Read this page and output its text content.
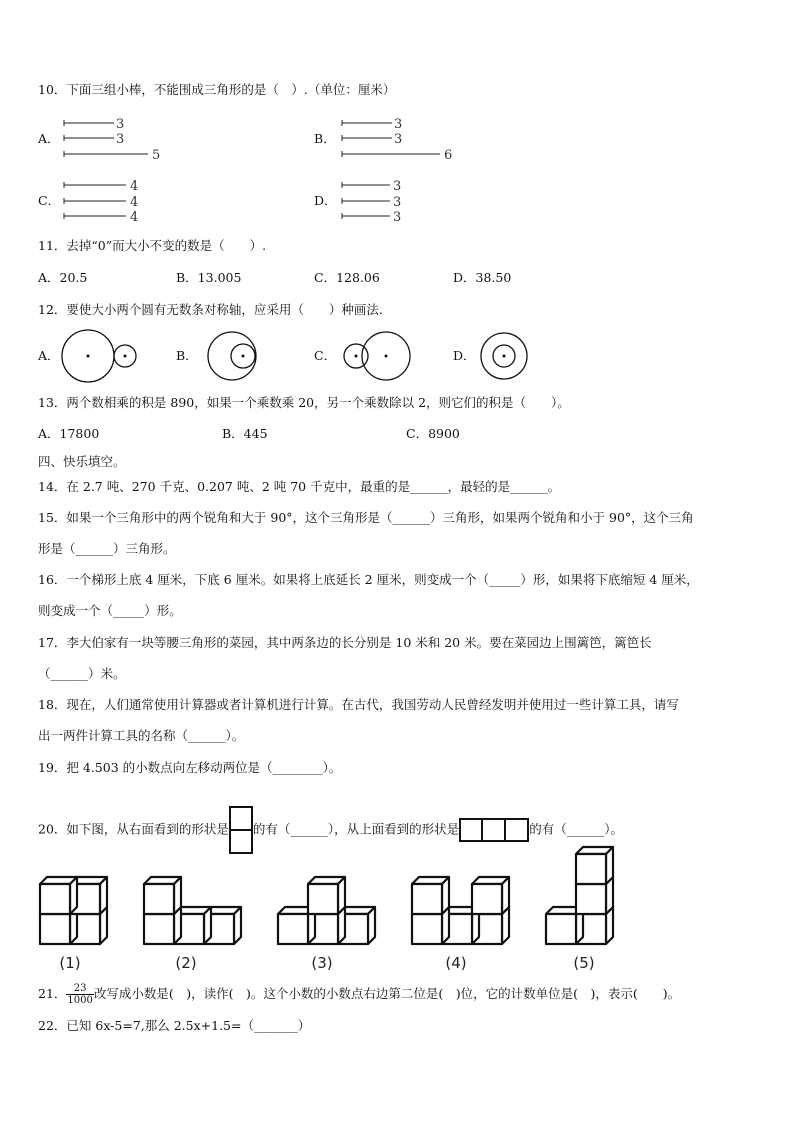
10．下面三组小棒，不能围成三角形的是（　）.（单位：厘米）
A．
3
3
5
B．
3
3
6
C．
4
4
4
D．
3
3
3
11．去掉“0”而大小不变的数是（　　）.
A．20.5	B．13.005	C．128.06	D．38.50
12．要使大小两个圆有无数条对称轴，应采用（　　）种画法.
A．	B．	C．	D．
13．两个数相乘的积是 890，如果一个乘数乘 20，另一个乘数除以 2，则它们的积是（　　）。
A．17800	B．445	C．8900
四、快乐填空。
14．在 2.7 吨、270 千克、0.207 吨、2 吨 70 千克中，最重的是______，最轻的是______。
15．如果一个三角形中的两个锐角和大于 90°，这个三角形是（______）三角形，如果两个锐角和小于 90°，这个三角
形是（______）三角形。
16．一个梯形上底 4 厘米，下底 6 厘米。如果将上底延长 2 厘米，则变成一个（_____）形，如果将下底缩短 4 厘米，
则变成一个（_____）形。
17．李大伯家有一块等腰三角形的菜园，其中两条边的长分别是 10 米和 20 米。要在菜园边上围篱笆，篱笆长
（______）米。
18．现在，人们通常使用计算器或者计算机进行计算。在古代，我国劳动人民曾经发明并使用过一些计算工具，请写
出一两件计算工具的名称（______）。
19．把 4.503 的小数点向左移动两位是（________）。
20．如下图，从右面看到的形状是 的有（______），从上面看到的形状是	的有（______）。
(1)	(2)	(3)	(4)	(5)
21． $\frac{23}{1000}$ 改写成小数是(　)，读作(　)。这个小数的小数点右边第二位是(　)位，它的计数单位是(　)，表示(　　)。
22．已知 6x-5=7,那么 2.5x+1.5=（_______）
